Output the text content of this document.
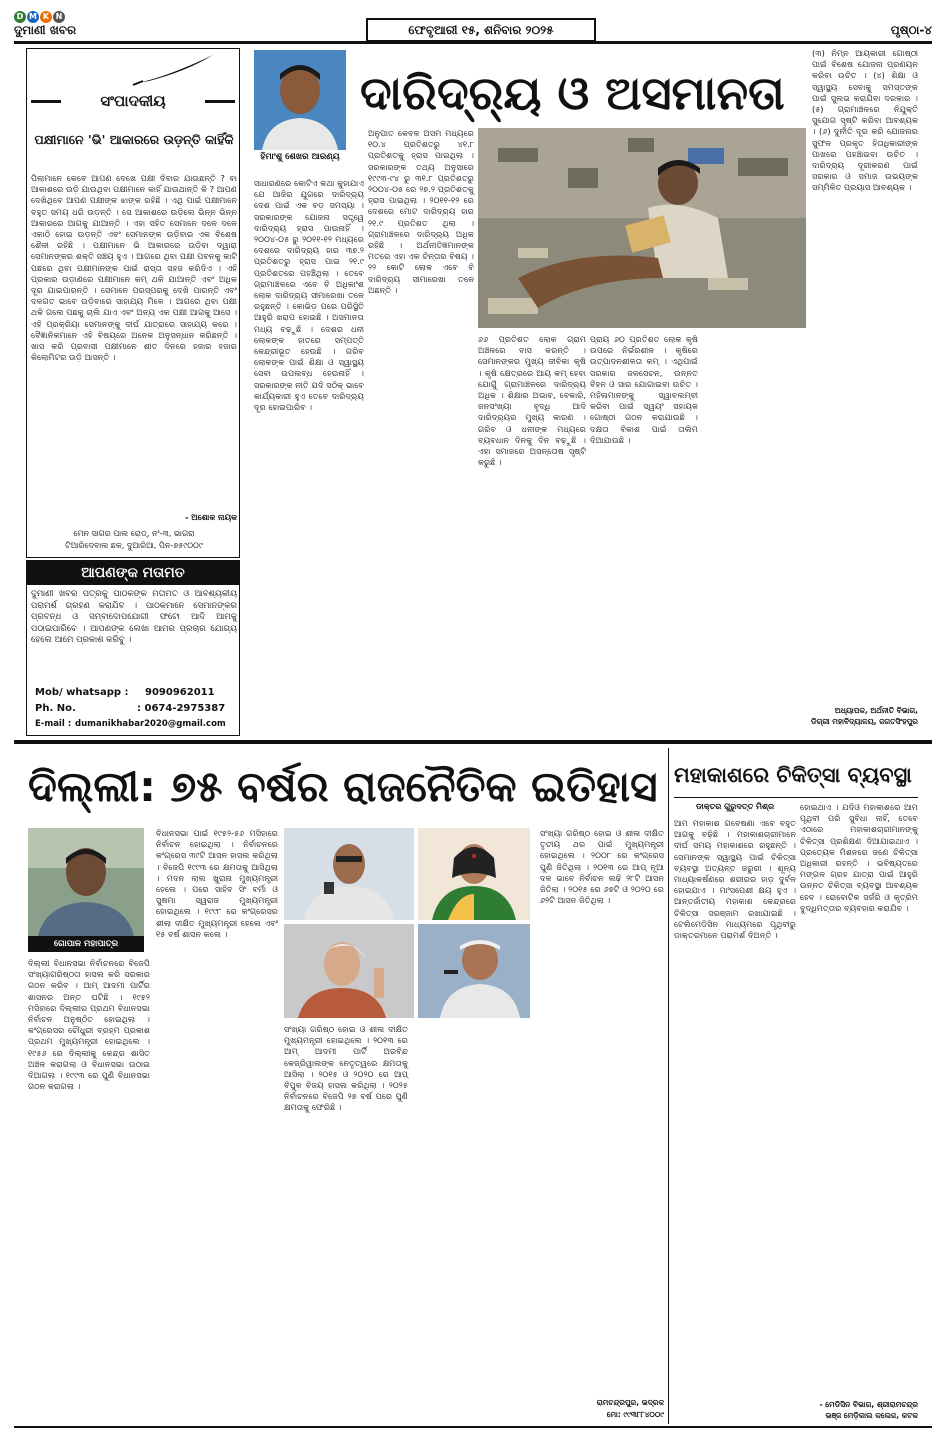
D M K N
ଦୁମାଣୀ ଖବର	ଫେବୃଆରୀ ୧୫, ଶନିବାର ୨୦୨୫	ପୃଷ୍ଠା-୪
ସଂପାଦକୀୟ
ପକ୍ଷୀମାନେ 'ଭି' ଆକାରରେ ଉଡ଼ନ୍ତି କାହିଁକି
ପିଲାମାନେ କେବେ ଆପଣ ଦେଖେ ପକ୍ଷୀ ଦିବାର ଯାଉଛନ୍ତି ? ବା ଆକାଶରେ ଉଡ଼ି ଯାଉଥିବା ପକ୍ଷୀମାନେ କାହିଁ ଯାଉଥାନ୍ତି କି ? ଆପଣ ଦେଖିଥିବେ ଆପଣ ପକ୍ଷୀଙ୍କ ଝାଙ୍କ ରହିଛି । ଏଥି ପାଇଁ ପକ୍ଷୀମାନେ ବହୁତ ସମୟ ଧରି ଉଡ଼ନ୍ତି । ସେ ଆକାଶରେ ଉଡ଼ିଲେ ଭିନ୍ନ ଭିନ୍ନ ଆକାରରେ ଆଗକୁ ଯାଆନ୍ତି । ଏହା ସହିତ ସେମାନେ ଦଳେ ଦଳେ ଏକାଠି ହୋଇ ଉଡ଼ନ୍ତି ଏବଂ ସେମାନଙ୍କ ଉଡ଼ିବାର ଏକ ବିଶେଷ ଶୈଳୀ ରହିଛି । ପକ୍ଷୀମାନେ ଭି ଆକାରରେ ଉଡ଼ିବା ଦ୍ୱାରା ସେମାନଙ୍କର ଶକ୍ତି ସଞ୍ଚୟ ହୁଏ । ଆଗରେ ଥିବା ପକ୍ଷୀ ପବନକୁ କାଟି ପଛରେ ଥିବା ପକ୍ଷୀମାନଙ୍କ ପାଇଁ ରାସ୍ତା ସହଜ କରିଦିଏ । ଏହି ପ୍ରକାର ଉଡ଼ାଣରେ ପକ୍ଷୀମାନେ କମ୍ ଥକି ଯାଆନ୍ତି ଏବଂ ଅଧିକ ଦୂର ଯାଇପାରନ୍ତି । ସେମାନେ ପରସ୍ପରକୁ ଦେଖି ପାରନ୍ତି ଏବଂ ଦଳଗତ ଭାବେ ଉଡ଼ିବାରେ ସାହାଯ୍ୟ ମିଳେ । ଆଗରେ ଥିବା ପକ୍ଷୀ ଥକି ଗଲେ ପଛକୁ ଚାଲି ଯାଏ ଏବଂ ଅନ୍ୟ ଏକ ପକ୍ଷୀ ଆଗକୁ ଆସେ । ଏହି ପ୍ରକ୍ରିୟା ସେମାନଙ୍କୁ ଦୀର୍ଘ ଯାତ୍ରାରେ ସାହାଯ୍ୟ କରେ । ବୈଜ୍ଞାନିକମାନେ ଏହି ବିଷୟରେ ଅନେକ ଅନୁସନ୍ଧାନ କରିଛନ୍ତି । ଖାସ କରି ପ୍ରବାସୀ ପକ୍ଷୀମାନେ ଶୀତ ଦିନରେ ହଜାର ହଜାର କିଲୋମିଟର ଉଡ଼ି ଆସନ୍ତି ।
- ଅଶୋକ ନାୟକ
ମେନ ସାଗର ପାଲ ରୋଡ୍, ନଂ-୩, ଭାଗରା
ଟିଆରିଦେବାଲ ଛକ, ଦୁଆରିଆ, ପିନ-୭୫୯୦୦୯
ଆପଣଙ୍କ ମତାମତ
ଦୁମାଣୀ ଖବର ପତ୍ରକୁ ପାଠକଙ୍କ ମତାମତ ଓ ଆବଶ୍ୟକୀୟ ପରାମର୍ଶ ଗ୍ରହଣ କରାଯିବ । ପାଠକମାନେ ସେମାନଙ୍କର ପ୍ରବନ୍ଧ ଓ ସମ୍ବାଦୋପଯୋଗୀ ଫଟୋ ଆଦି ଆମକୁ ପଠାଇପାରିବେ । ଆପଣଙ୍କ ଲେଖା ଆମର ପ୍ରଚାର ଯୋଗ୍ୟ ହେଲେ ଆମେ ପ୍ରକାଶ କରିବୁ ।
Mob/ whatsapp :	9090962011
Ph. No.	: 0674-2975387
E-mail : dumanikhabar2020@gmail.com
ହିମାଂଶୁ ଶେଖର ଆରଣ୍ୟ
ଦାରିଦ୍ର୍ୟ ଓ ଅସମାନତା
ସାଧାରଣରେ କୋଟିଏ କଥା କୁହାଯାଏ ଯେ ଆଜିର ଯୁଗରେ ଦାରିଦ୍ର୍ୟ ଦେଶ ପାଇଁ ଏକ ବଡ଼ ସମସ୍ୟା । ସରକାରଙ୍କ ଯୋଜନା ସତ୍ତ୍ୱେ ଦାରିଦ୍ର୍ୟ ହ୍ରାସ ପାଉନାହିଁ । ୨୦୦୪-୦୫ ରୁ ୨୦୧୧-୧୨ ମଧ୍ୟରେ ଦେଶରେ ଦାରିଦ୍ର୍ୟ ହାର ୩୭.୨ ପ୍ରତିଶତରୁ ହ୍ରାସ ପାଇ ୨୧.୯ ପ୍ରତିଶତରେ ପହଞ୍ଚିଥିଲା । ତେବେ ଗ୍ରାମାଞ୍ଚଳରେ ଏବେ ବି ଅଧିକାଂଶ ଲୋକ ଦାରିଦ୍ର୍ୟ ସୀମାରେଖା ତଳେ ରହୁଛନ୍ତି । କୋଭିଡ଼ ପରେ ପରିସ୍ଥିତି ଆହୁରି ଖରାପ ହୋଇଛି । ଅସମାନତା ମଧ୍ୟ ବଢ଼ୁଛି । ଦେଶର ଧନୀ ଲୋକଙ୍କ ହାତରେ ସମ୍ପତ୍ତି କେନ୍ଦ୍ରୀଭୂତ ହେଉଛି । ଗରିବ ଲୋକଙ୍କ ପାଇଁ ଶିକ୍ଷା ଓ ସ୍ୱାସ୍ଥ୍ୟ ସେବା ଉପଲବ୍ଧ ହେଉନାହିଁ । ସରକାରଙ୍କ ନୀତି ଯଦି ସଠିକ୍ ଭାବେ କାର୍ଯ୍ୟକାରୀ ହୁଏ ତେବେ ଦାରିଦ୍ର୍ୟ ଦୂର ହୋଇପାରିବ ।
ଅନୁପାତ କେବଳ ଅସମ ମଧ୍ୟରେ ୧୦.୪ ପ୍ରତିଶତରୁ ୪୧.୮ ପ୍ରତିଶତକୁ ହ୍ରାସ ପାଇଥିଲା । ସରକାରଙ୍କ ତଥ୍ୟ ଅନୁସାରେ ୧୯୯୩-୯୪ ରୁ ୩୧.୮ ପ୍ରତିଶତରୁ ୨୦୦୪-୦୫ ରେ ୨୭.୨ ପ୍ରତିଶତକୁ ହ୍ରାସ ପାଇଥିଲା । ୨୦୧୧-୧୨ ରେ ଦେଶରେ ମୋଟ ଦାରିଦ୍ର୍ୟ ହାର ୨୧.୯ ପ୍ରତିଶତ ଥିଲା । ଗ୍ରାମାଞ୍ଚଳରେ ଦାରିଦ୍ର୍ୟ ଅଧିକ ରହିଛି । ଅର୍ଥନୀତିଜ୍ଞମାନଙ୍କ ମତରେ ଏହା ଏକ ଚିନ୍ତାର ବିଷୟ । ୨୨ କୋଟି ଲୋକ ଏବେ ବି ଦାରିଦ୍ର୍ୟ ସୀମାରେଖା ତଳେ ଅଛନ୍ତି ।
୬୬ ପ୍ରତିଶତ ଲୋକ ଗ୍ରାମ ଅଞ୍ଚଳରେ ବାସ କରନ୍ତି । ସେମାନଙ୍କର ମୁଖ୍ୟ ଜୀବିକା କୃଷି । କୃଷି କ୍ଷେତ୍ରରେ ଆୟ କମ୍ ହେବା ଯୋଗୁଁ ଗ୍ରାମାଞ୍ଚଳରେ ଦାରିଦ୍ର୍ୟ ଅଧିକ । ଶିକ୍ଷାର ଅଭାବ, ବେକାରି, ଜନସଂଖ୍ୟା ବୃଦ୍ଧି ଆଦି ଦାରିଦ୍ର୍ୟର ମୁଖ୍ୟ କାରଣ । ଗରିବ ଓ ଧନୀଙ୍କ ମଧ୍ୟରେ ବ୍ୟବଧାନ ଦିନକୁ ଦିନ ବଢ଼ୁଛି । ଏହା ସମାଜରେ ଅସନ୍ତୋଷ ସୃଷ୍ଟି କରୁଛି ।
ପ୍ରାୟ ୬୦ ପ୍ରତିଶତ ଲୋକ କୃଷି ଉପରେ ନିର୍ଭରଶୀଳ । କୃଷିରେ ଉତ୍ପାଦନଶୀଳତା କମ୍ । ଏଥିପାଇଁ ସରକାର ଜଳସେଚନ, ଉନ୍ନତ ବିହନ ଓ ସାର ଯୋଗାଇବା ଉଚିତ । ମହିଳାମାନଙ୍କୁ ସ୍ୱାବଲମ୍ବୀ କରିବା ପାଇଁ ସ୍ୱୟଂ ସହାୟକ ଗୋଷ୍ଠୀ ଗଠନ କରାଯାଉଛି । ଦକ୍ଷତା ବିକାଶ ପାଇଁ ତାଲିମ ଦିଆଯାଉଛି ।
(୩) ନିମ୍ନ ଆୟକାରୀ ଗୋଷ୍ଠୀ ପାଇଁ ବିଶେଷ ଯୋଜନା ପ୍ରଣୟନ କରିବା ଉଚିତ । (୪) ଶିକ୍ଷା ଓ ସ୍ୱାସ୍ଥ୍ୟ ସେବାକୁ ସମସ୍ତଙ୍କ ପାଇଁ ସୁଲଭ କରାଯିବା ଦରକାର । (୫) ଗ୍ରାମାଞ୍ଚଳରେ ନିଯୁକ୍ତି ସୁଯୋଗ ସୃଷ୍ଟି କରିବା ଆବଶ୍ୟକ । (୬) ଦୁର୍ନୀତି ଦୂର କରି ଯୋଜନାର ସୁଫଳ ପ୍ରକୃତ ହିତାଧିକାରୀଙ୍କ ପାଖରେ ପହଞ୍ଚାଇବା ଉଚିତ । ଦାରିଦ୍ର୍ୟ ଦୂରୀକରଣ ପାଇଁ ସରକାର ଓ ସମାଜ ଉଭୟଙ୍କ ସମ୍ମିଳିତ ପ୍ରୟାସ ଆବଶ୍ୟକ ।
ଅଧ୍ୟାପକ, ଅର୍ଥନୀତି ବିଭାଗ,
ଡିଗ୍ରୀ ମହାବିଦ୍ୟାଳୟ, ଜଗତସିଂହପୁର
ଦିଲ୍ଲୀ: ୭୫ ବର୍ଷର ରାଜନୈତିକ ଇତିହାସ
ଗୋପାଳ ମହାପାତ୍ର
ଦିଲ୍ଲୀ ବିଧାନସଭା ନିର୍ବାଚନରେ ବିଜେପି ସଂଖ୍ୟାଗରିଷ୍ଠତା ହାସଲ କରି ସରକାର ଗଠନ କରିବ । ଆମ୍ ଆଦମୀ ପାର୍ଟିର ଶାସନର ଅନ୍ତ ଘଟିଛି । ୧୯୫୨ ମସିହାରେ ଦିଲ୍ଲୀର ପ୍ରଥମ ବିଧାନସଭା ନିର୍ବାଚନ ଅନୁଷ୍ଠିତ ହୋଇଥିଲା । କଂଗ୍ରେସର ଚୌଧୁରୀ ବ୍ରହ୍ମ ପ୍ରକାଶ ପ୍ରଥମ ମୁଖ୍ୟମନ୍ତ୍ରୀ ହୋଇଥିଲେ । ୧୯୫୬ ରେ ଦିଲ୍ଲୀକୁ କେନ୍ଦ୍ର ଶାସିତ ଅଞ୍ଚଳ କରାଗଲା ଓ ବିଧାନସଭା ଉଠାଇ ଦିଆଗଲା । ୧୯୯୩ ରେ ପୁଣି ବିଧାନସଭା ଗଠନ କରାଗଲା ।
ବିଧାନସଭା ପାଇଁ ୧୯୫୨-୫୬ ମସିହାରେ ନିର୍ବାଚନ ହୋଇଥିଲା । ନିର୍ବାଚନରେ କଂଗ୍ରେସ ୩୯ଟି ଆସନ ହାସଲ କରିଥିଲା । ବିଜେପି ୧୯୯୩ ରେ କ୍ଷମତାକୁ ଆସିଥିଲା । ମଦନ ଲାଲ ଖୁରାନା ମୁଖ୍ୟମନ୍ତ୍ରୀ ହେଲେ । ପରେ ସାହିବ ସିଂ ବର୍ମା ଓ ସୁଷମା ସ୍ୱରାଜ ମୁଖ୍ୟମନ୍ତ୍ରୀ ହୋଇଥିଲେ । ୧୯୯୮ ରେ କଂଗ୍ରେସର ଶୀଲା ଦୀକ୍ଷିତ ମୁଖ୍ୟମନ୍ତ୍ରୀ ହେଲେ ଏବଂ ୧୫ ବର୍ଷ ଶାସନ କଲେ ।
ସଂଖ୍ୟା ଗରିଷ୍ଠ ହୋଇ ଓ ଶୀଳା ଦୀକ୍ଷିତ ମୁଖ୍ୟମନ୍ତ୍ରୀ ହୋଇଥିଲେ । ୨୦୧୩ ରେ ଆମ୍ ଆଦମୀ ପାର୍ଟି ଅରବିନ୍ଦ କେଜ୍ରିୱାଲଙ୍କ ନେତୃତ୍ୱରେ କ୍ଷମତାକୁ ଆସିଲା । ୨୦୧୫ ଓ ୨୦୨୦ ରେ ଆପ୍ ବିପୁଳ ବିଜୟ ହାସଲ କରିଥିଲା । ୨୦୨୫ ନିର୍ବାଚନରେ ବିଜେପି ୨୭ ବର୍ଷ ପରେ ପୁଣି କ୍ଷମତାକୁ ଫେରିଛି ।
ସଂଖ୍ୟା ଗରିଷ୍ଠ ହୋଇ ଓ ଶୀଳା ଦୀକ୍ଷିତ ତୃତୀୟ ଥର ପାଇଁ ମୁଖ୍ୟମନ୍ତ୍ରୀ ହୋଇଥିଲେ । ୨୦୦୮ ରେ କଂଗ୍ରେସ ପୁଣି ଜିତିଥିଲା । ୨୦୧୩ ରେ ଆପ୍ ନୂଆ ଦଳ ଭାବେ ନିର୍ବାଚନ ଲଢ଼ି ୨୮ଟି ଆସନ ଜିତିଲା । ୨୦୧୫ ରେ ୬୭ଟି ଓ ୨୦୨୦ ରେ ୬୨ଟି ଆସନ ଜିତିଥିଲା ।
ରାମଚନ୍ଦ୍ରପୁର, ଭଦ୍ରକ
ମୋ: ୯୯୩୮୮୪୦୦୯
ମହାକାଶରେ ଚିକିତ୍ସା ବ୍ୟବସ୍ଥା
ଡାକ୍ତର ଗୁରୁଦତ୍ତ ମିଶ୍ର
ଆମ ମହାକାଶ ଗବେଷଣା ଏବେ ବହୁତ ଆଗକୁ ବଢ଼ିଛି । ମହାକାଶଚାରୀମାନେ ଦୀର୍ଘ ସମୟ ମହାକାଶରେ ରହୁଛନ୍ତି । ସେମାନଙ୍କ ସ୍ୱାସ୍ଥ୍ୟ ପାଇଁ ଚିକିତ୍ସା ବ୍ୟବସ୍ଥା ଅତ୍ୟନ୍ତ ଜରୁରୀ । ଶୂନ୍ୟ ମାଧ୍ୟାକର୍ଷଣରେ ଶରୀରର ହାଡ଼ ଦୁର୍ବଳ ହୋଇଯାଏ । ମାଂସପେଶୀ କ୍ଷୟ ହୁଏ । ଆନ୍ତର୍ଜାତୀୟ ମହାକାଶ କେନ୍ଦ୍ରରେ ଚିକିତ୍ସା ସରଞ୍ଜାମ ରଖାଯାଇଛି । ଟେଲିମେଡିସିନ ମାଧ୍ୟମରେ ପୃଥିବୀରୁ ଡାକ୍ତରମାନେ ପରାମର୍ଶ ଦିଅନ୍ତି ।
ହୋଇଥାଏ । ଯଦିଓ ମହାକାଶରେ ଆମ ପୃଥିବୀ ପରି ସୁବିଧା ନାହିଁ, ତେବେ ଏଠାରେ ମହାକାଶଚାରୀମାନଙ୍କୁ ଚିକିତ୍ସା ପ୍ରଶିକ୍ଷଣ ଦିଆଯାଇଥାଏ । ପ୍ରତ୍ୟେକ ମିଶନରେ ଜଣେ ଚିକିତ୍ସା ଅଧିକାରୀ ରହନ୍ତି । ଭବିଷ୍ୟତରେ ମଙ୍ଗଳ ଗ୍ରହ ଯାତ୍ରା ପାଇଁ ଆହୁରି ଉନ୍ନତ ଚିକିତ୍ସା ବ୍ୟବସ୍ଥା ଆବଶ୍ୟକ ହେବ । ରୋବୋଟିକ ସର୍ଜରି ଓ କୃତ୍ରିମ ବୁଦ୍ଧିମତ୍ତାର ବ୍ୟବହାର କରାଯିବ ।
- ମେଡିସିନ ବିଭାଗ, ଶ୍ରୀରାମଚନ୍ଦ୍ର
ଭଞ୍ଜ ମେଡ଼ିକାଲ କଲେଜ, କଟକ
